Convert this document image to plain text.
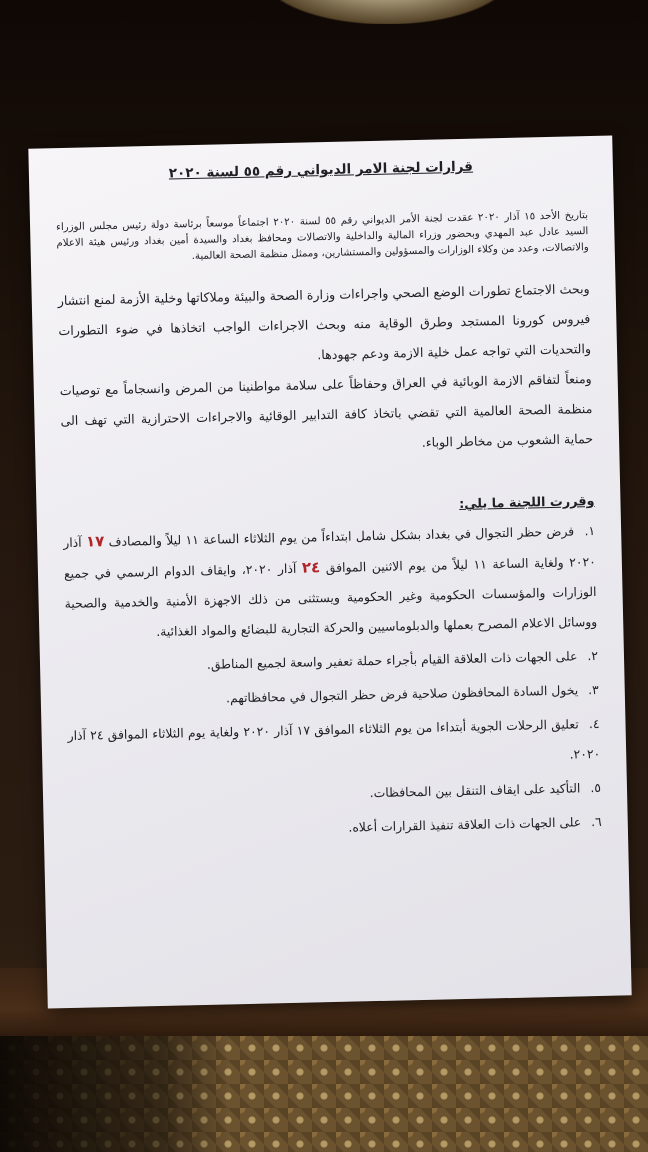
قرارات لجنة الامر الديواني رقم ٥٥ لسنة ٢٠٢٠

بتاريخ الأحد ١٥ آذار ٢٠٢٠ عقدت لجنة الأمر الديواني رقم ٥٥ لسنة ٢٠٢٠ اجتماعاً موسعاً برئاسة دولة رئيس مجلس الوزراء السيد عادل عبد المهدي وبحضور وزراء المالية والداخلية والاتصالات ومحافظ بغداد والسيدة أمين بغداد ورئيس هيئة الاعلام والاتصالات، وعدد من وكلاء الوزارات والمسؤولين والمستشارين، وممثل منظمة الصحة العالمية.

وبحث الاجتماع تطورات الوضع الصحي واجراءات وزارة الصحة والبيئة وملاكاتها وخلية الأزمة لمنع انتشار فيروس كورونا المستجد وطرق الوقاية منه وبحث الاجراءات الواجب اتخاذها في ضوء التطورات والتحديات التي تواجه عمل خلية الازمة ودعم جهودها.

ومنعاً لتفاقم الازمة الوبائية في العراق وحفاظاً على سلامة مواطنينا من المرض وانسجاماً مع توصيات منظمة الصحة العالمية التي تقضي باتخاذ كافة التدابير الوقائية والاجراءات الاحترازية التي تهف الى حماية الشعوب من مخاطر الوباء.

وقررت اللجنة ما يلي:
١. فرض حظر التجوال في بغداد بشكل شامل ابتداءاً من يوم الثلاثاء الساعة ١١ ليلاً والمصادف ١٧ آذار ٢٠٢٠ ولغاية الساعة ١١ ليلاً من يوم الاثنين الموافق ٢٤ آذار ٢٠٢٠، وايقاف الدوام الرسمي في جميع الوزارات والمؤسسات الحكومية وغير الحكومية ويستثنى من ذلك الاجهزة الأمنية والخدمية والصحية ووسائل الاعلام المصرح بعملها والدبلوماسيين والحركة التجارية للبضائع والمواد الغذائية.
٢. على الجهات ذات العلاقة القيام بأجراء حملة تعفير واسعة لجميع المناطق.
٣. يخول السادة المحافظون صلاحية فرض حظر التجوال في محافظاتهم.
٤. تعليق الرحلات الجوية أبتداءا من يوم الثلاثاء الموافق ١٧ آذار ٢٠٢٠ ولغاية يوم الثلاثاء الموافق ٢٤ آذار ٢٠٢٠.
٥. التأكيد على ايقاف التنقل بين المحافظات.
٦. على الجهات ذات العلاقة تنفيذ القرارات أعلاه.
